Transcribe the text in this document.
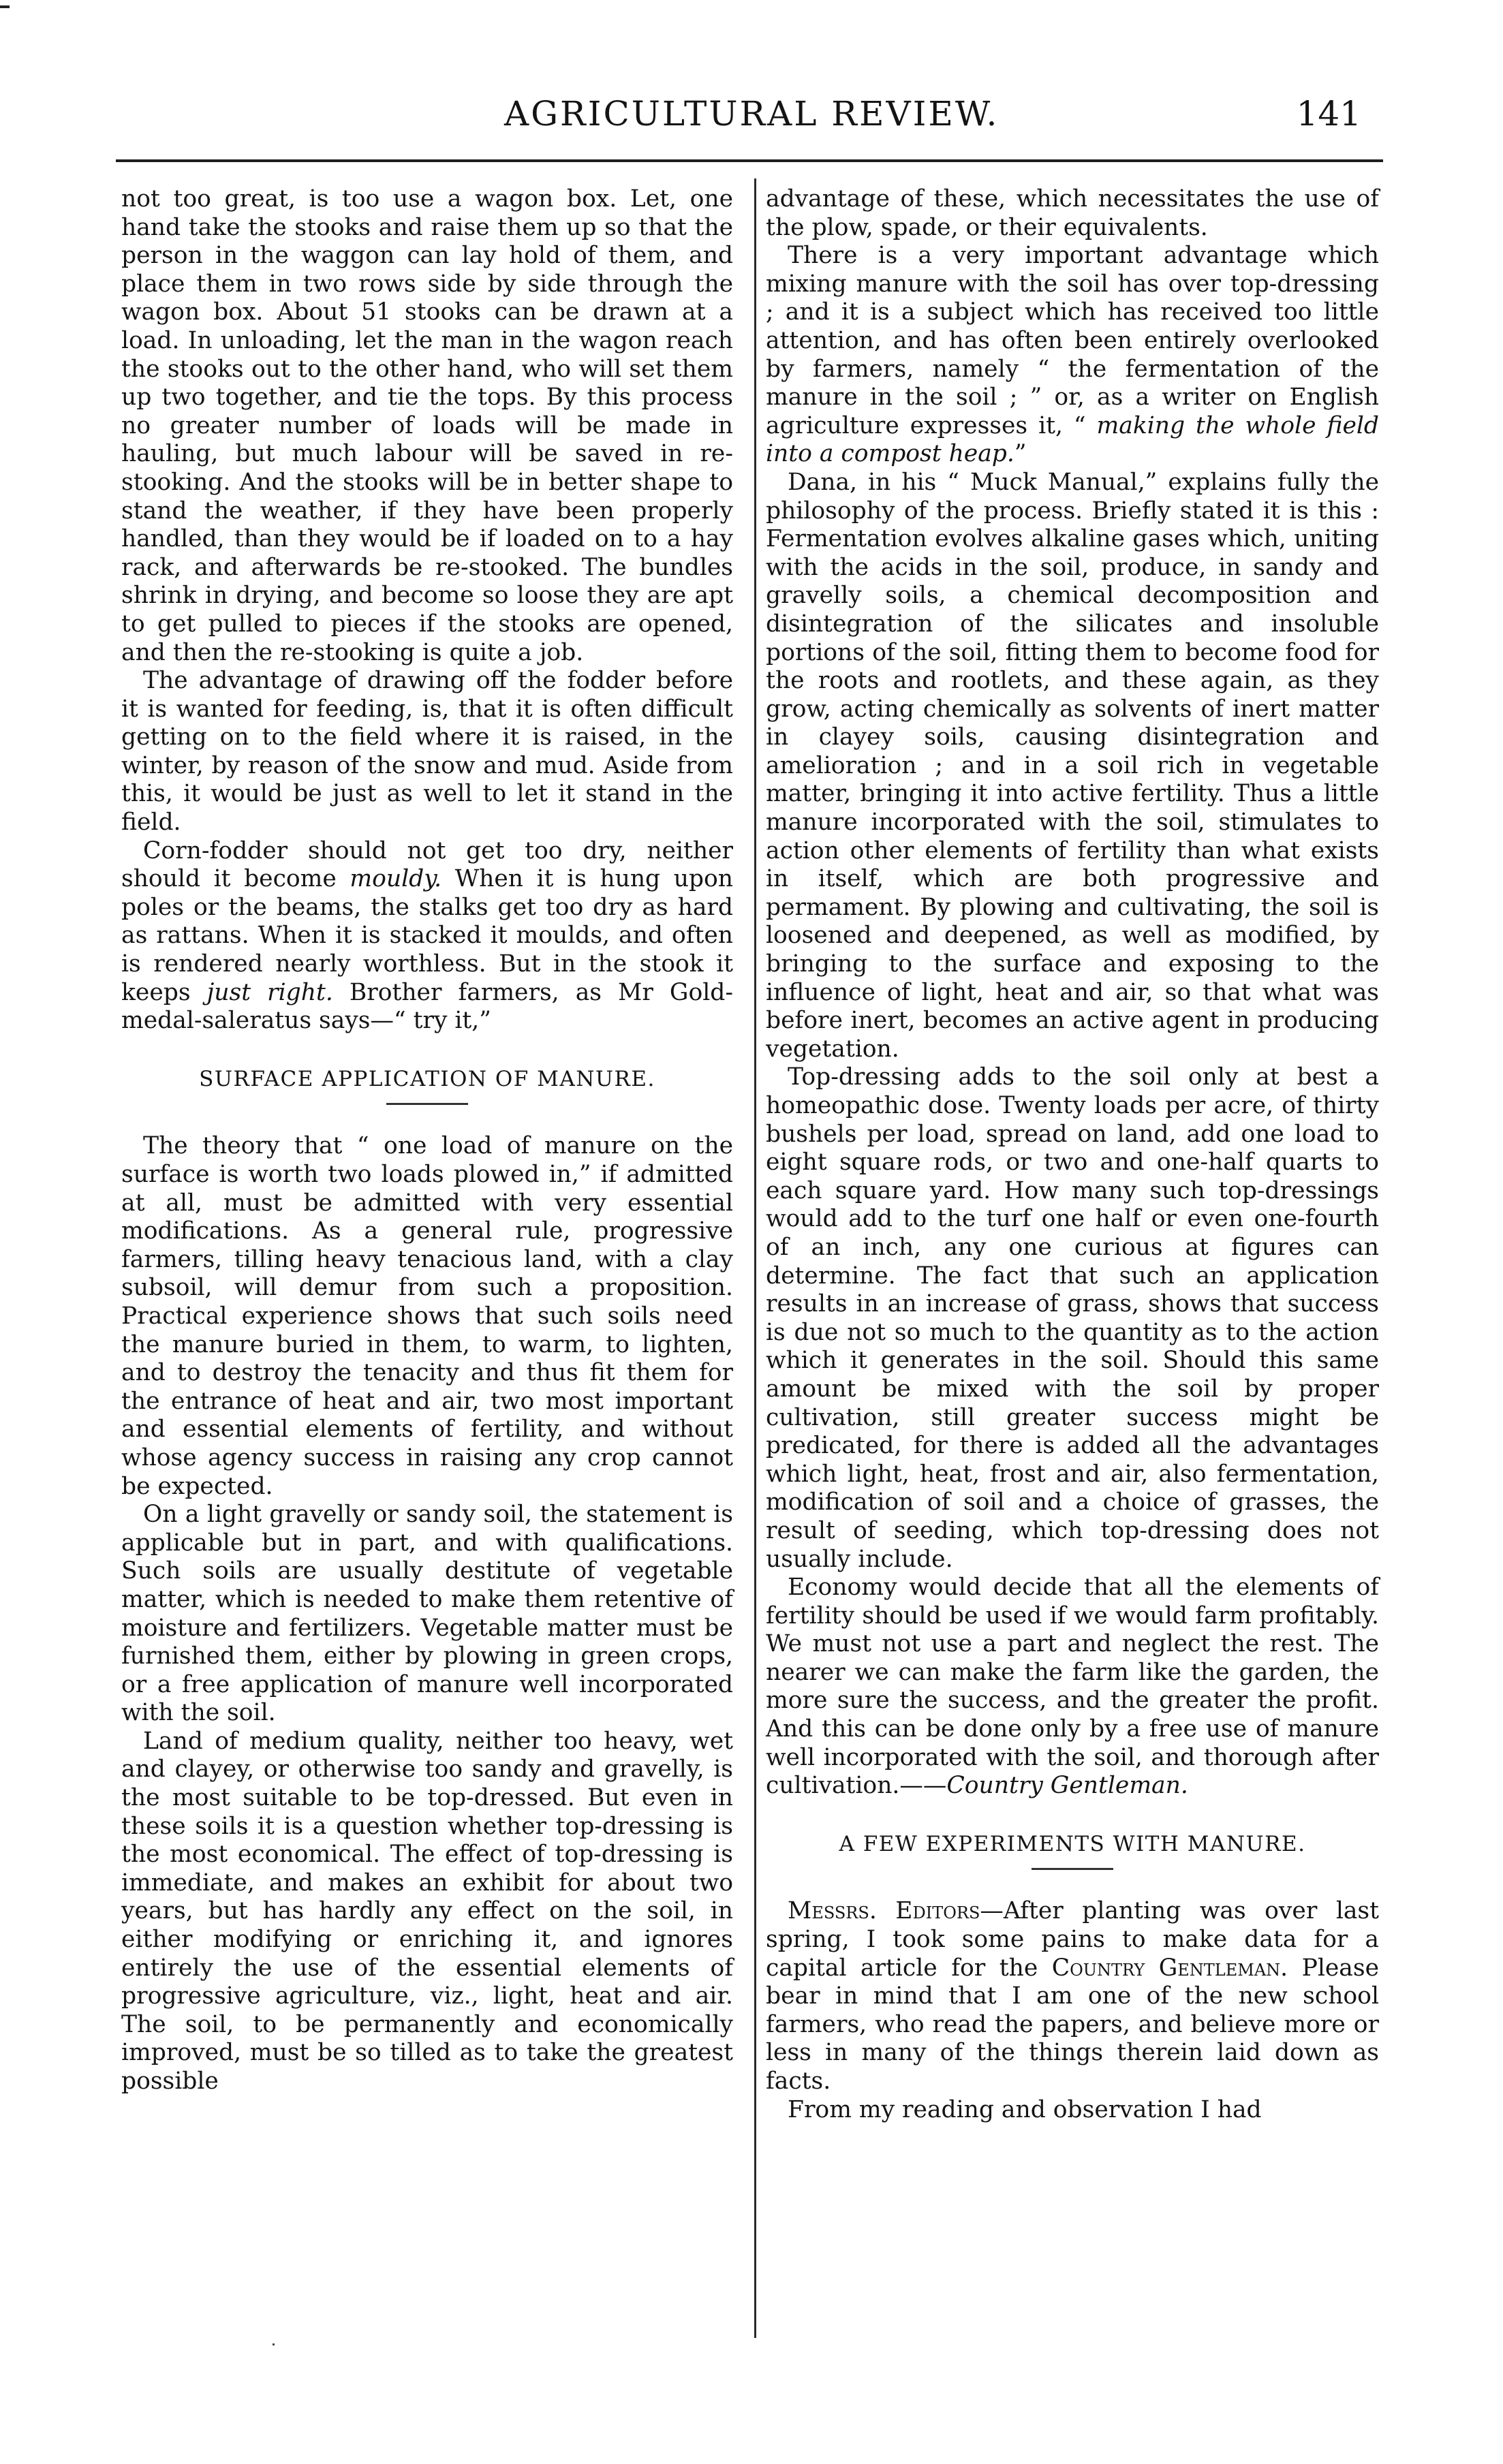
AGRICULTURAL REVIEW.	141

not too great, is too use a wagon box. Let, one hand take the stooks and raise them up so that the person in the waggon can lay hold of them, and place them in two rows side by side through the wagon box. About 51 stooks can be drawn at a load. In unloading, let the man in the wagon reach the stooks out to the other hand, who will set them up two together, and tie the tops. By this process no greater number of loads will be made in hauling, but much labour will be saved in re-stooking. And the stooks will be in better shape to stand the weather, if they have been properly handled, than they would be if loaded on to a hay rack, and afterwards be re-stooked. The bundles shrink in drying, and become so loose they are apt to get pulled to pieces if the stooks are opened, and then the re-stooking is quite a job.

The advantage of drawing off the fodder before it is wanted for feeding, is, that it is often difficult getting on to the field where it is raised, in the winter, by reason of the snow and mud. Aside from this, it would be just as well to let it stand in the field.

Corn-fodder should not get too dry, neither should it become mouldy. When it is hung upon poles or the beams, the stalks get too dry as hard as rattans. When it is stacked it moulds, and often is rendered nearly worthless. But in the stook it keeps just right. Brother farmers, as Mr Gold-medal-saleratus says—“ try it,”

SURFACE APPLICATION OF MANURE.

The theory that “ one load of manure on the surface is worth two loads plowed in,” if admitted at all, must be admitted with very essential modifications. As a general rule, progressive farmers, tilling heavy tenacious land, with a clay subsoil, will demur from such a proposition. Practical experience shows that such soils need the manure buried in them, to warm, to lighten, and to destroy the tenacity and thus fit them for the entrance of heat and air, two most important and essential elements of fertility, and without whose agency success in raising any crop cannot be expected.

On a light gravelly or sandy soil, the statement is applicable but in part, and with qualifications. Such soils are usually destitute of vegetable matter, which is needed to make them retentive of moisture and fertilizers. Vegetable matter must be furnished them, either by plowing in green crops, or a free application of manure well incorporated with the soil.

Land of medium quality, neither too heavy, wet and clayey, or otherwise too sandy and gravelly, is the most suitable to be top-dressed. But even in these soils it is a question whether top-dressing is the most economical. The effect of top-dressing is immediate, and makes an exhibit for about two years, but has hardly any effect on the soil, in either modifying or enriching it, and ignores entirely the use of the essential elements of progressive agriculture, viz., light, heat and air. The soil, to be permanently and economically improved, must be so tilled as to take the greatest possible

advantage of these, which necessitates the use of the plow, spade, or their equivalents.

There is a very important advantage which mixing manure with the soil has over top-dressing ; and it is a subject which has received too little attention, and has often been entirely overlooked by farmers, namely “ the fermentation of the manure in the soil ; ” or, as a writer on English agriculture expresses it, “ making the whole field into a compost heap.”

Dana, in his “ Muck Manual,” explains fully the philosophy of the process. Briefly stated it is this : Fermentation evolves alkaline gases which, uniting with the acids in the soil, produce, in sandy and gravelly soils, a chemical decomposition and disintegration of the silicates and insoluble portions of the soil, fitting them to become food for the roots and rootlets, and these again, as they grow, acting chemically as solvents of inert matter in clayey soils, causing disintegration and amelioration ; and in a soil rich in vegetable matter, bringing it into active fertility. Thus a little manure incorporated with the soil, stimulates to action other elements of fertility than what exists in itself, which are both progressive and permament. By plowing and cultivating, the soil is loosened and deepened, as well as modified, by bringing to the surface and exposing to the influence of light, heat and air, so that what was before inert, becomes an active agent in producing vegetation.

Top-dressing adds to the soil only at best a homeopathic dose. Twenty loads per acre, of thirty bushels per load, spread on land, add one load to eight square rods, or two and one-half quarts to each square yard. How many such top-dressings would add to the turf one half or even one-fourth of an inch, any one curious at figures can determine. The fact that such an application results in an increase of grass, shows that success is due not so much to the quantity as to the action which it generates in the soil. Should this same amount be mixed with the soil by proper cultivation, still greater success might be predicated, for there is added all the advantages which light, heat, frost and air, also fermentation, modification of soil and a choice of grasses, the result of seeding, which top-dressing does not usually include.

Economy would decide that all the elements of fertility should be used if we would farm profitably. We must not use a part and neglect the rest. The nearer we can make the farm like the garden, the more sure the success, and the greater the profit. And this can be done only by a free use of manure well incorporated with the soil, and thorough after cultivation.——Country Gentleman.

A FEW EXPERIMENTS WITH MANURE.

Messrs. Editors—After planting was over last spring, I took some pains to make data for a capital article for the Country Gentleman. Please bear in mind that I am one of the new school farmers, who read the papers, and believe more or less in many of the things therein laid down as facts.

From my reading and observation I had
